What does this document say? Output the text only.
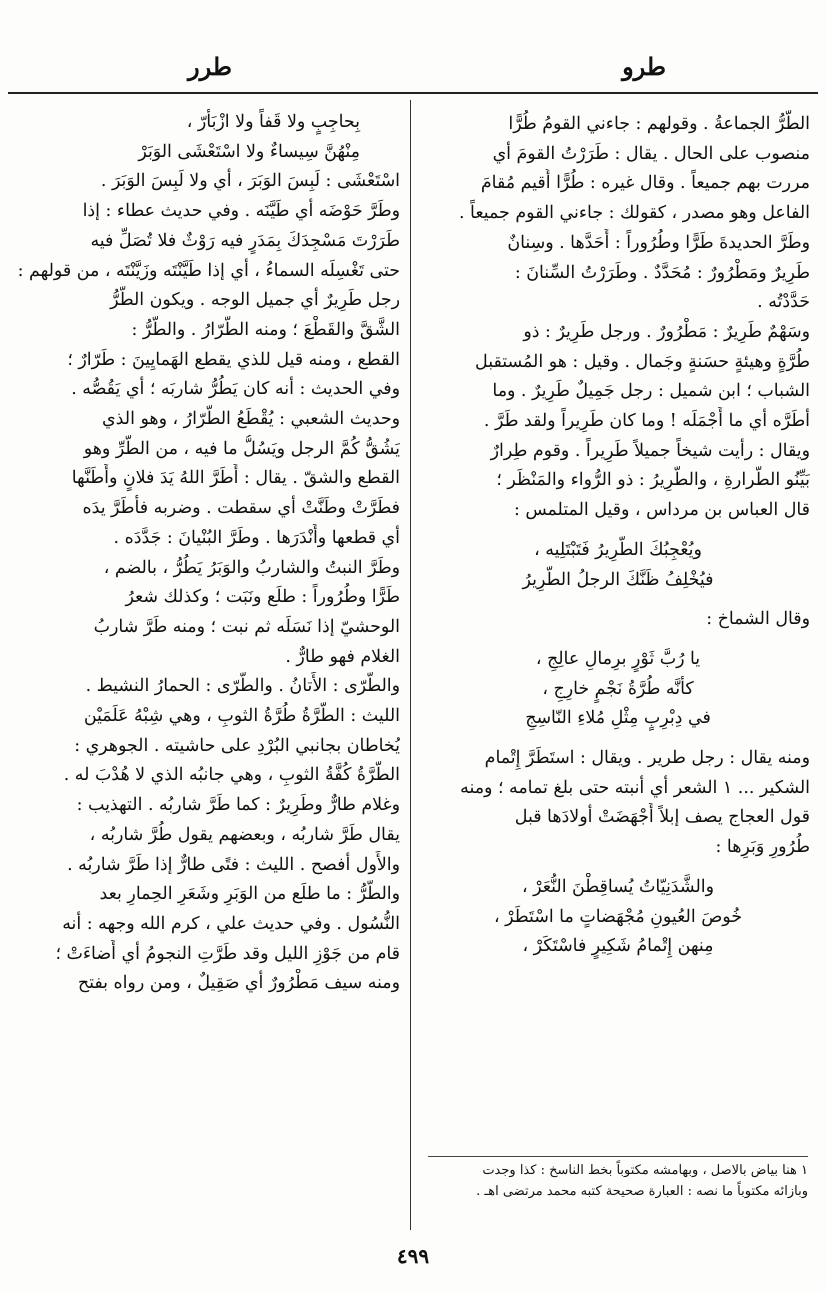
طرو
طرر
الطَّرُّ الجماعةُ . وقولهم : جاءني القومُ طُرًّا
منصوب على الحال . يقال : طَرَرْتُ القومَ أي
مررت بهم جميعاً . وقال غيره : طُرًّا أُقيم مُقامَ
الفاعل وهو مصدر ، كقولك : جاءني القوم جميعاً .
وطَرَّ الحديدةَ طَرًّا وطُرُوراً : أَحَدَّها . وسِنانٌ
طَرِيرٌ ومَطْرُورٌ : مُحَدَّدٌ . وطَرَرْتُ السِّنانَ :
حَدَّدْتُه .
وسَهْمٌ طَرِيرٌ : مَطْرُورٌ . ورجل طَرِيرٌ : ذو
طُرَّةٍ وهيئةٍ حسَنةٍ وجَمال . وقيل : هو المُستقبل
الشباب ؛ ابن شميل : رجل جَمِيلٌ طَرِيرٌ . وما
أطَرَّه أي ما أَجْمَلَه ! وما كان طَرِيراً ولقد طَرَّ .
ويقال : رأيت شيخاً جميلاً طَرِيراً . وقوم طِرارٌ
بَيِّنُو الطَّرارةِ ، والطَّرِيرُ : ذو الرُّواء والمَنْظَر ؛
قال العباس بن مرداس ، وقيل المتلمس :
ويُعْجِبُكَ الطَّرِيرُ فَتَبْتَلِيه ،
فيُخْلِفُ ظَنَّكَ الرجلُ الطَّرِيرُ
وقال الشماخ :
يا رُبَّ ثَوْرٍ برِمالِ عالِجِ ،
كأَنَّه طُرَّةُ نَجْمٍ خارِجِ ،
في دِبْرِبٍ مِثْلِ مُلاءِ النّاسِجِ
ومنه يقال : رجل طرير . ويقال : استَطَرَّ إِتْمام
الشكير ... ١ الشعر أي أنبته حتى بلغ تمامه ؛ ومنه
قول العجاج يصف إبلاً أَجْهَضَتْ أولادَها قبل
طُرُورِ وَبَرِها :
والشَّدَنِيّاتُ يُساقِطْنَ النُّعَرْ ،
خُوصَ العُيونِ مُجْهَضاتٍ ما اسْتَطَرْ ،
مِنهن إِتْمامُ شَكِيرٍ فاسْتَكَرْ ،
١ هنا بياض بالاصل ، وبهامشه مكتوباً بخط الناسخ : كذا وجدت
وبازائه مكتوباً ما نصه : العبارة صحيحة كتبه محمد مرتضى اهـ .
بِحاجِبٍ ولا قَفاً ولا ازْبَأَرّ ،
مِنْهُنَّ سِيساءٌ ولا اسْتَعْشَى الوَبَرْ
اسْتَعْشَى : لَبِسَ الوَبَرَ ، أي ولا لَبِسَ الوَبَرَ .
وطَرَّ حَوْضَه أي طَيَّنَه . وفي حديث عطاء : إذا
طَرَرْتَ مَسْجِدَكَ بِمَدَرٍ فيه رَوْثٌ فلا تُصَلِّ فيه
حتى تَغْسِلَه السماءُ ، أي إذا طَيَّنْتَه وزَيَّنْتَه ، من قولهم :
رجل طَرِيرٌ أي جميل الوجه . ويكون الطَّرُّ
الشَّقَّ والقَطْعَ ؛ ومنه الطَّرّارُ . والطَّرُّ :
القطع ، ومنه قيل للذي يقطع الهَمايِينَ : طَرّارٌ ؛
وفي الحديث : أنه كان يَطُرُّ شاربَه ؛ أي يَقُصُّه .
وحديث الشعبي : يُقْطَعُ الطَّرّارُ ، وهو الذي
يَشُقُّ كُمَّ الرجل ويَسُلُّ ما فيه ، من الطَّرِّ وهو
القطع والشقّ . يقال : أَطَرَّ اللهُ يَدَ فلانٍ وأَطَنَّها
فطَرَّتْ وطَنَّتْ أي سقطت . وضربه فأَطَرَّ يدَه
أي قطعها وأَنْدَرَها . وطَرَّ البُنْيانَ : جَدَّدَه .
وطَرَّ النبتُ والشاربُ والوَبَرُ يَطُرُّ ، بالضم ،
طَرًّا وطُرُوراً : طلَع ونَبَت ؛ وكذلك شعرُ
الوحشيّ إذا نَسَلَه ثم نبت ؛ ومنه طَرَّ شاربُ
الغلام فهو طارٌّ .
والطُّرّى : الأَتانُ . والطُّرّى : الحمارُ النشيط .
الليث : الطُّرَّةُ طُرَّةُ الثوبِ ، وهي شِبْهُ عَلَمَيْن
يُخاطان بجانبي البُرْدِ على حاشيته . الجوهري :
الطُّرَّةُ كُفَّةُ الثوبِ ، وهي جانبُه الذي لا هُدْبَ له .
وغلام طارٌّ وطَرِيرٌ : كما طَرَّ شاربُه . التهذيب :
يقال طَرَّ شاربُه ، وبعضهم يقول طُرَّ شاربُه ،
والأَول أفصح . الليث : فتًى طارٌّ إذا طَرَّ شاربُه .
والطُّرُّ : ما طلَع من الوَبَرِ وشَعَرِ الحِمارِ بعد
النُّسُول . وفي حديث علي ، كرم الله وجهه : أنه
قام من جَوْزِ الليل وقد طَرَّتِ النجومُ أي أَضاءَتْ ؛
ومنه سيف مَطْرُورٌ أي صَقِيلٌ ، ومن رواه بفتح
٤٩٩
